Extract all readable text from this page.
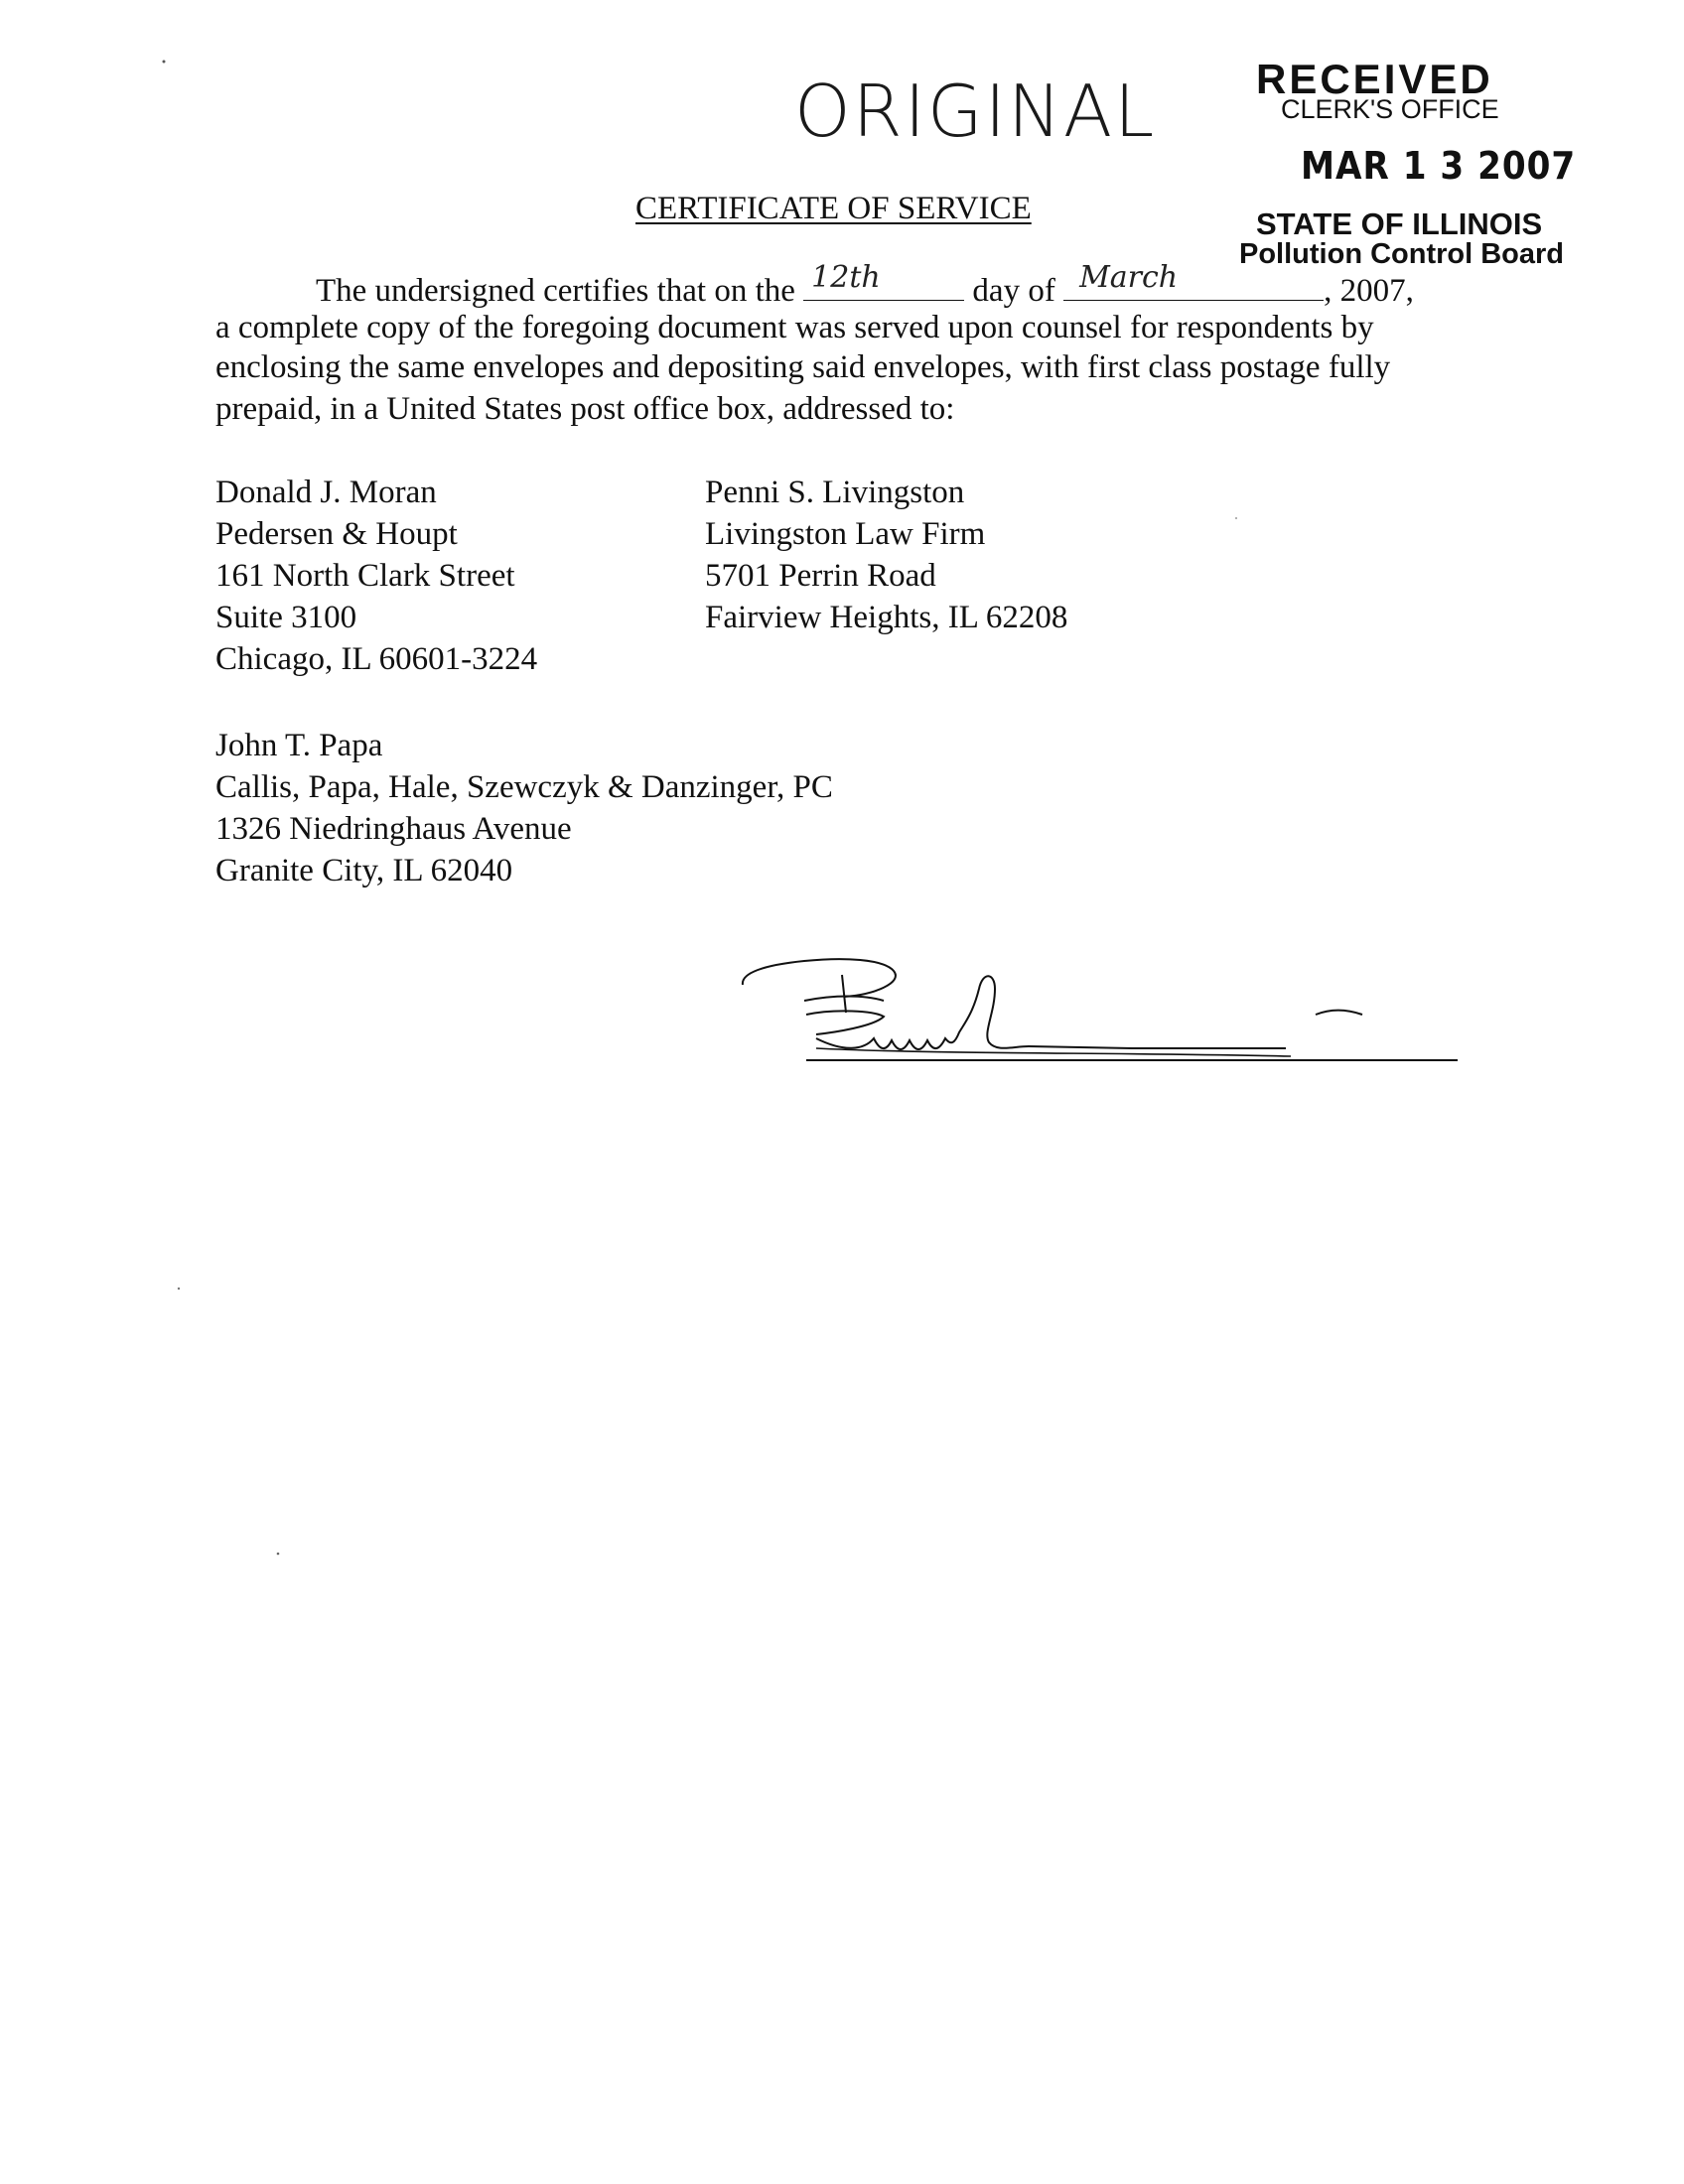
ORIGINAL RECEIVED
CLERK'S OFFICE
MAR 1 3 2007
STATE OF ILLINOIS
Pollution Control Board
CERTIFICATE OF SERVICE
The undersigned certifies that on the 12th	day of March	, 2007,
a complete copy of the foregoing document was served upon counsel for respondents by
enclosing the same envelopes and depositing said envelopes, with first class postage fully
prepaid, in a United States post office box, addressed to:
Donald J. Moran
Pedersen & Houpt
161 North Clark Street
Suite 3100
Chicago, IL 60601-3224
Penni S. Livingston
Livingston Law Firm
5701 Perrin Road
Fairview Heights, IL 62208
John T. Papa
Callis, Papa, Hale, Szewczyk & Danzinger, PC
1326 Niedringhaus Avenue
Granite City, IL 62040
